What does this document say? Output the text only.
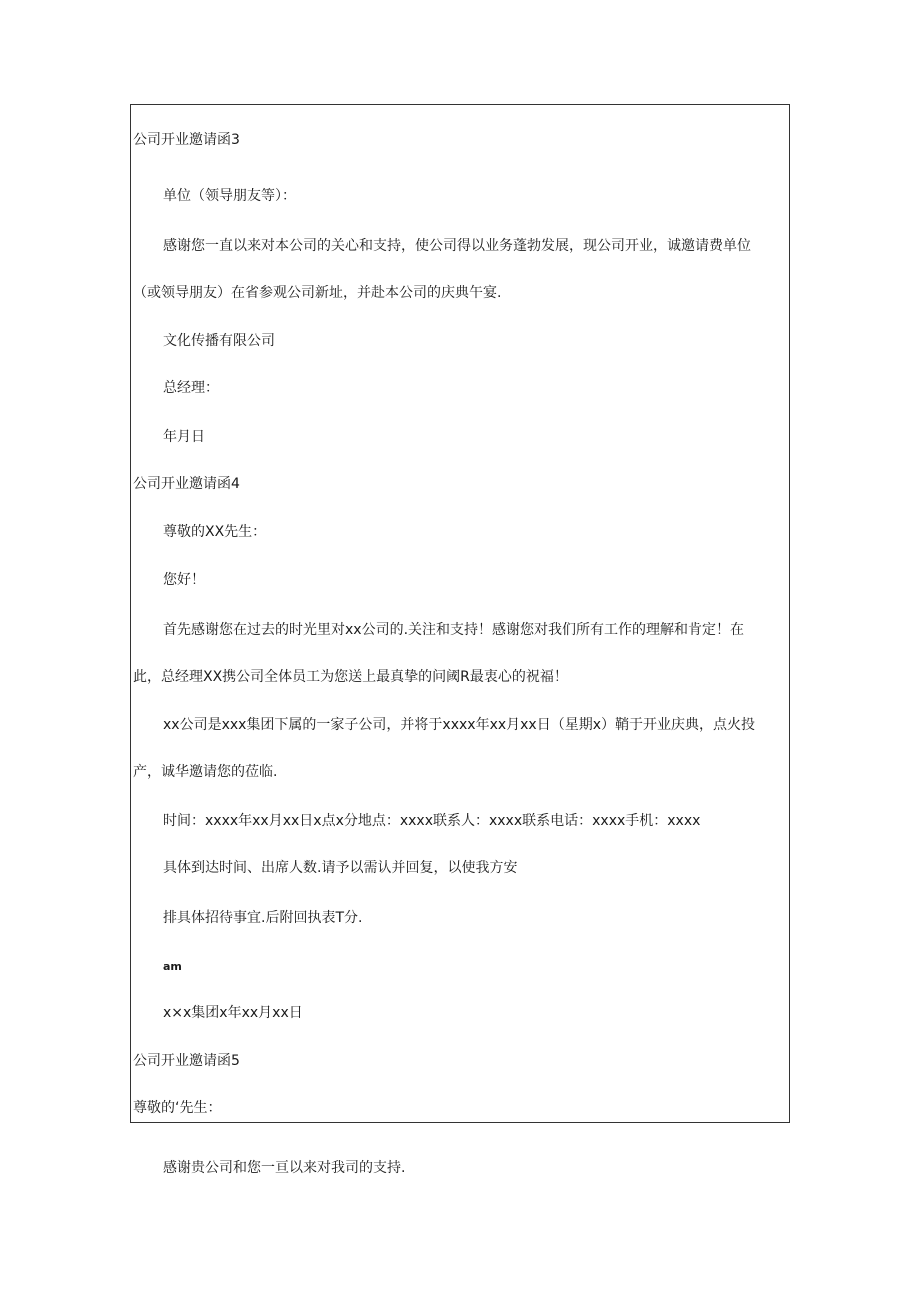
公司开业邀请函3
单位（领导朋友等）：
感谢您一直以来对本公司的关心和支持，使公司得以业务蓬勃发展，现公司开业，诚邀请费单位
（或领导朋友）在省参观公司新址，并赴本公司的庆典午宴.
文化传播有限公司
总经理：
年月日
公司开业邀请函4
尊敬的XX先生：
您好！
首先感谢您在过去的时光里对xx公司的.关注和支持！感谢您对我们所有工作的理解和肯定！在
此，总经理XX携公司全体员工为您送上最真挚的问阈R最衷心的祝福！
xx公司是xxx集团下属的一家子公司，并将于xxxx年xx月xx日（星期x）鞘于开业庆典，点火投
产，诚华邀请您的莅临.
时间：xxxx年xx月xx日x点x分地点：xxxx联系人：xxxx联系电话：xxxx手机：xxxx
具体到达时间、出席人数.请予以需认并回复，以使我方安
排具体招待事宜.后附回执表T分.
am
x×x集团x年xx月xx日
公司开业邀请函5
尊敬的‘先生：
感谢贵公司和您一亘以来对我司的支持.
